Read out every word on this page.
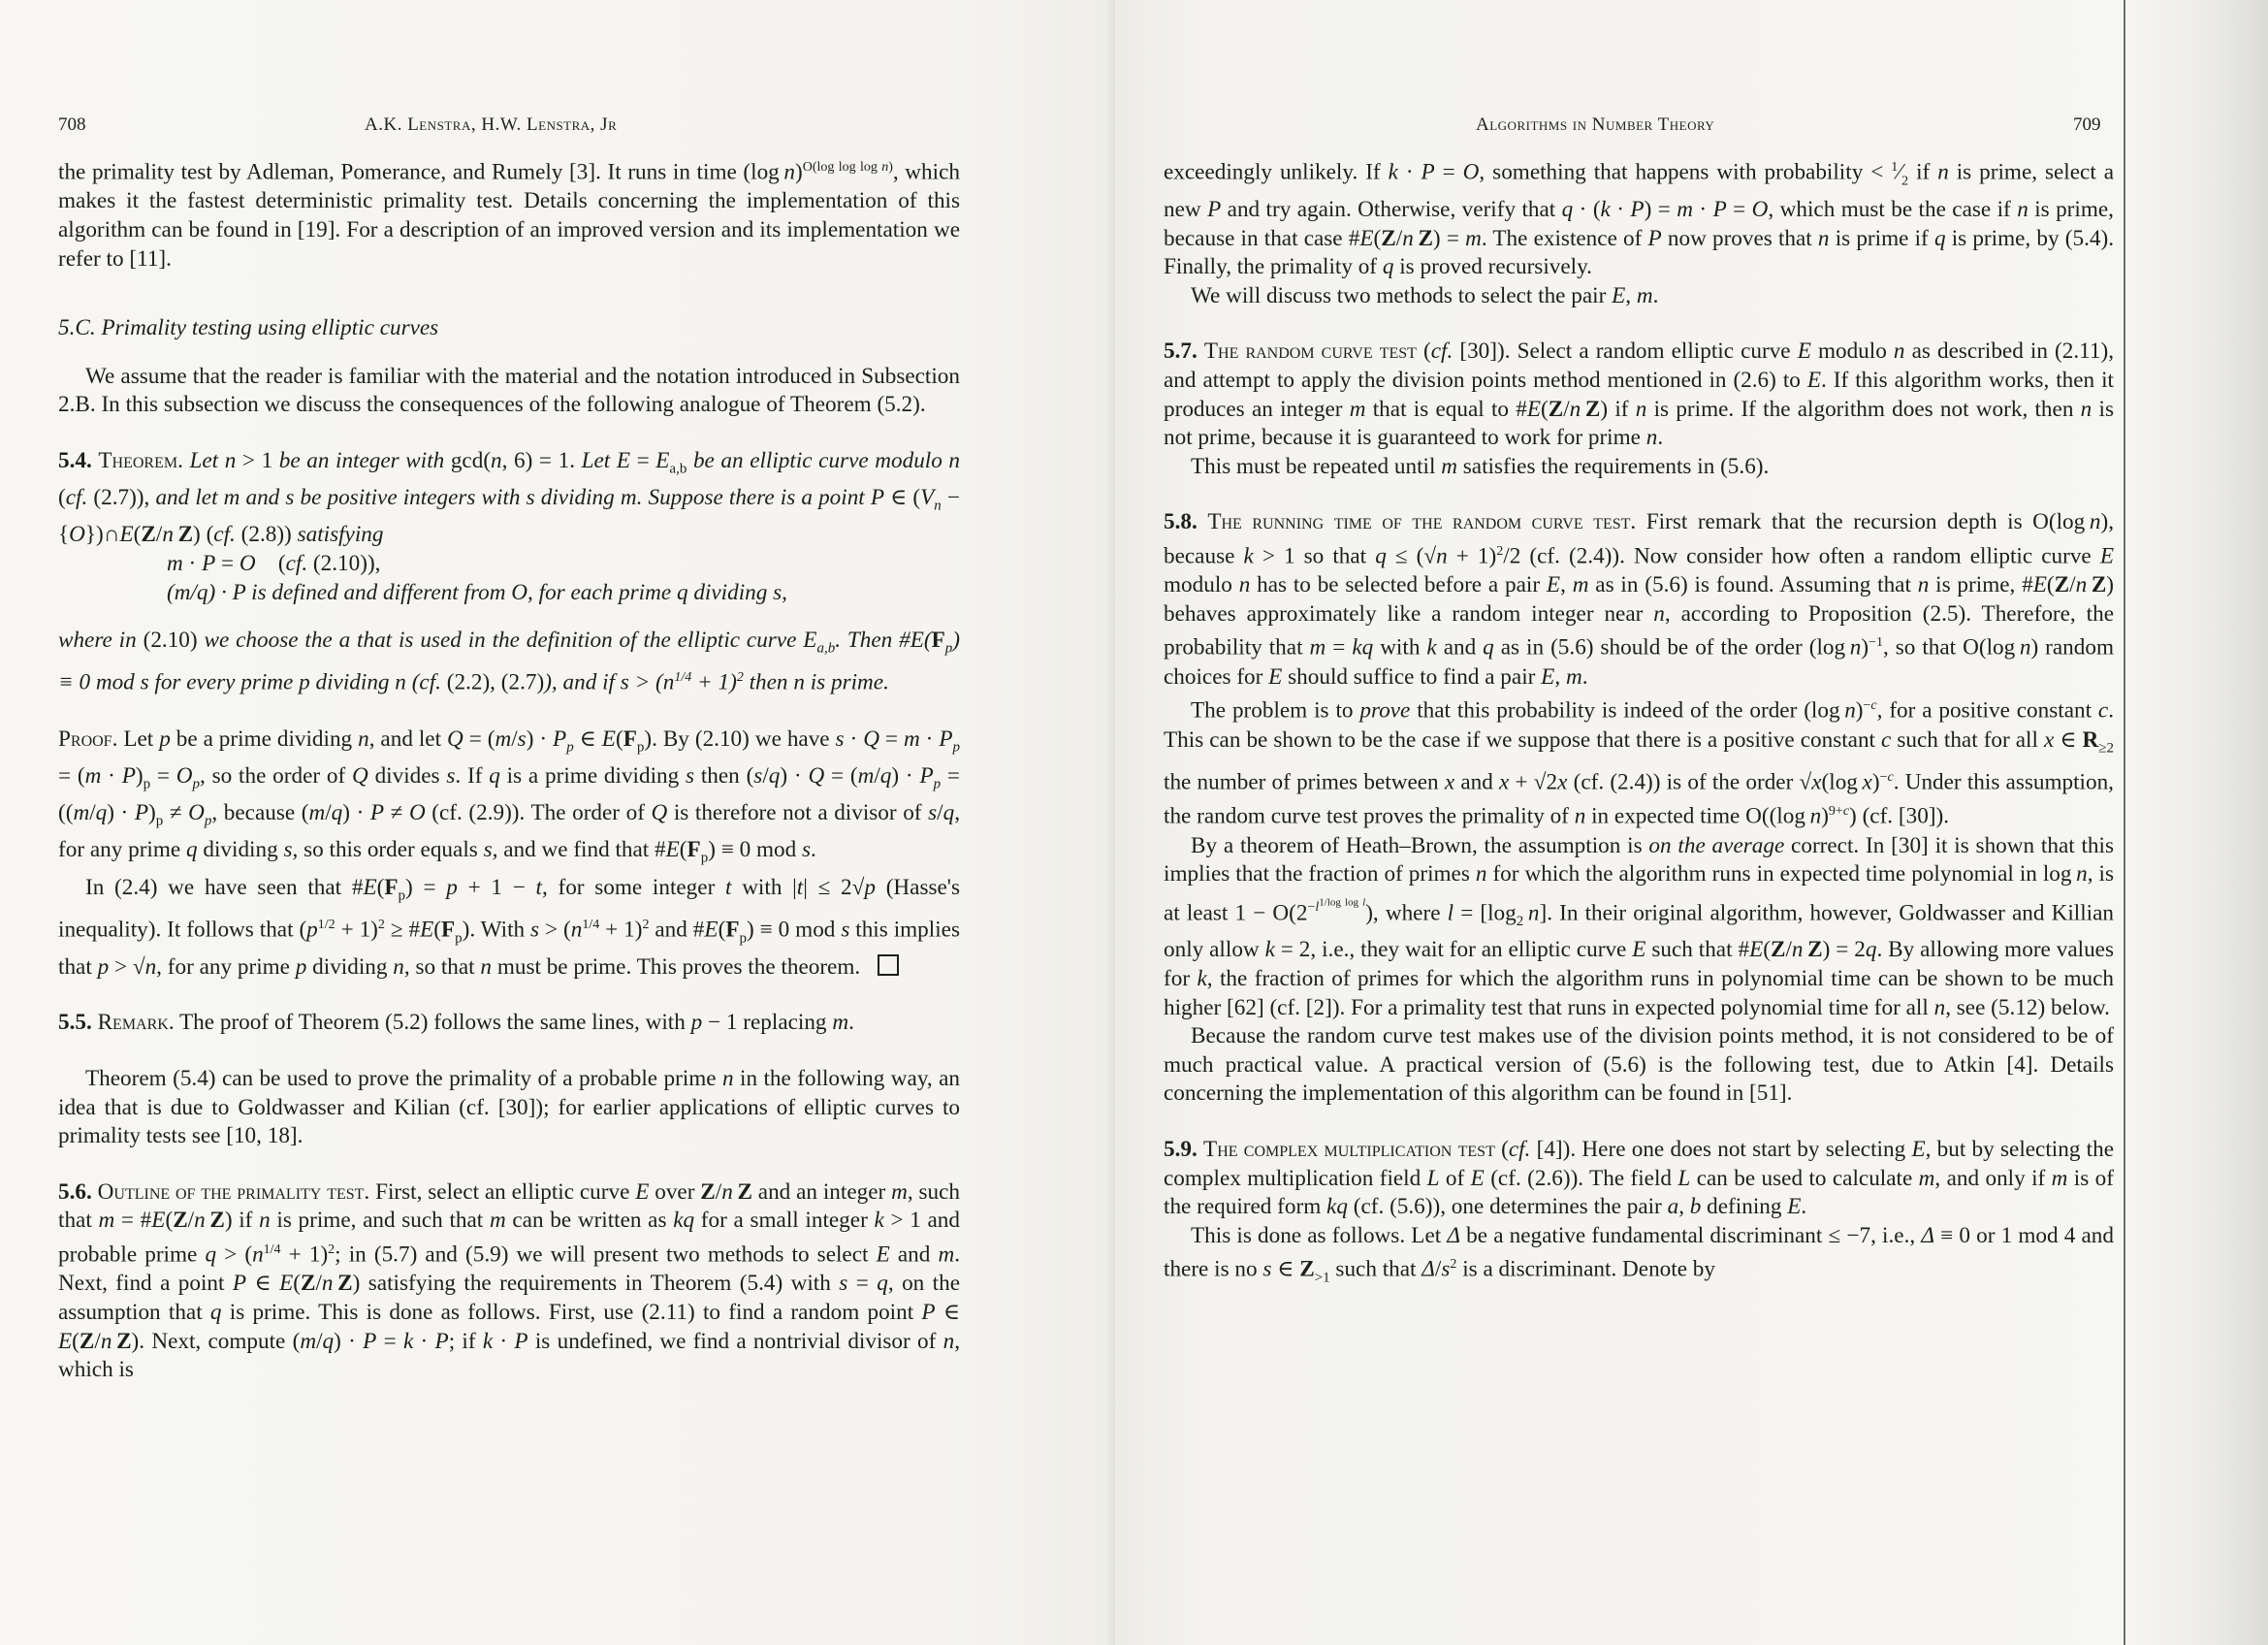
708	A.K. Lenstra, H.W. Lenstra, Jr

the primality test by Adleman, Pomerance, and Rumely [3]. It runs in time (log n)$^{O(log log log n)}$, which makes it the fastest deterministic primality test. Details concerning the implementation of this algorithm can be found in [19]. For a description of an improved version and its implementation we refer to [11].

5.C. Primality testing using elliptic curves

We assume that the reader is familiar with the material and the notation introduced in Subsection 2.B. In this subsection we discuss the consequences of the following analogue of Theorem (5.2).

5.4. Theorem. Let n > 1 be an integer with gcd(n, 6) = 1. Let $E = E_{a,b}$ be an elliptic curve modulo n (cf. (2.7)), and let m and s be positive integers with s dividing m. Suppose there is a point P ∈ ($V_n$ − {O})∩E(Z/n  Z) (cf. (2.8)) satisfying

m · P = O    (cf. (2.10)),

(m/q) · P is defined and different from O, for each prime q dividing s,

where in (2.10) we choose the a that is used in the definition of the elliptic curve $E_{a,b}$. Then $\#E(F_p) \equiv 0$ mod s for every prime p dividing n (cf. (2.2), (2.7)), and if $s > (n^{1/4} + 1)^2$ then n is prime.

Proof. Let p be a prime dividing n, and let $Q = (m/s) \cdot P_p$ ∈ $E(F_p)$. By (2.10) we have $s \cdot Q = m \cdot P_p = (m \cdot P)_p = O_p$, so the order of Q divides s. If q is a prime dividing s then $(s/q) \cdot Q = (m/q) \cdot P_p = ((m/q) \cdot P)_p \ne O_p$, because (m/q) · P ≠ O (cf. (2.9)). The order of Q is therefore not a divisor of s/q, for any prime q dividing s, so this order equals s, and we find that $\#E(F_p) \equiv 0$ mod s.

In (2.4) we have seen that $\#E(F_p) = p + 1 - t$, for some integer t with |t| ≤ 2√p (Hasse's inequality). It follows that $(p^{1/2} + 1)^2$ ≥ $\#E(F_p)$. With $s > (n^{1/4} + 1)^2$ and $\#E(F_p) \equiv 0$ mod s this implies that p > √n, for any prime p dividing n, so that n must be prime. This proves the theorem.

5.5. Remark. The proof of Theorem (5.2) follows the same lines, with p − 1 replacing m.

Theorem (5.4) can be used to prove the primality of a probable prime n in the following way, an idea that is due to Goldwasser and Kilian (cf. [30]); for earlier applications of elliptic curves to primality tests see [10, 18].

5.6. Outline of the primality test. First, select an elliptic curve E over Z/n  Z and an integer m, such that m = #E(Z/n  Z) if n is prime, and such that m can be written as kq for a small integer k > 1 and probable prime $q > (n^{1/4} + 1)^2$; in (5.7) and (5.9) we will present two methods to select E and m. Next, find a point P ∈ E(Z/n  Z) satisfying the requirements in Theorem (5.4) with s = q, on the assumption that q is prime. This is done as follows. First, use (2.11) to find a random point P ∈ E(Z/n  Z). Next, compute (m/q) · P = k · P; if k · P is undefined, we find a nontrivial divisor of n, which is

Algorithms in Number Theory	709

exceedingly unlikely. If k · P = O, something that happens with probability < $^1⁄_2$ if n is prime, select a new P and try again. Otherwise, verify that q · (k · P) = m · P = O, which must be the case if n is prime, because in that case #E(Z/n  Z) = m. The existence of P now proves that n is prime if q is prime, by (5.4). Finally, the primality of q is proved recursively.

We will discuss two methods to select the pair E, m.

5.7. The random curve test (cf. [30]). Select a random elliptic curve E modulo n as described in (2.11), and attempt to apply the division points method mentioned in (2.6) to E. If this algorithm works, then it produces an integer m that is equal to #E(Z/n  Z) if n is prime. If the algorithm does not work, then n is not prime, because it is guaranteed to work for prime n.

This must be repeated until m satisfies the requirements in (5.6).

5.8. The running time of the random curve test. First remark that the recursion depth is O(log n), because k > 1 so that $q \le (√n + 1)^2/2$ (cf. (2.4)). Now consider how often a random elliptic curve E modulo n has to be selected before a pair E, m as in (5.6) is found. Assuming that n is prime, #E(Z/n  Z) behaves approximately like a random integer near n, according to Proposition (2.5). Therefore, the probability that m = kq with k and q as in (5.6) should be of the order (log n)$^{-1}$, so that O(log n) random choices for E should suffice to find a pair E, m.

The problem is to prove that this probability is indeed of the order (log n)$^{-c}$, for a positive constant c. This can be shown to be the case if we suppose that there is a positive constant c such that for all x ∈ $R_{\ge 2}$ the number of primes between x and x + √2x (cf. (2.4)) is of the order √x(log x)$^{-c}$. Under this assumption, the random curve test proves the primality of n in expected time O((log n)$^{9+c}$) (cf. [30]).

By a theorem of Heath–Brown, the assumption is on the average correct. In [30] it is shown that this implies that the fraction of primes n for which the algorithm runs in expected time polynomial in log n, is at least $1 - O(2^{-l^{1/log log l}})$, where $l = [\log_2$  n]. In their original algorithm, however, Goldwasser and Killian only allow k = 2, i.e., they wait for an elliptic curve E such that #E(Z/n  Z) = 2q. By allowing more values for k, the fraction of primes for which the algorithm runs in polynomial time can be shown to be much higher [62] (cf. [2]). For a primality test that runs in expected polynomial time for all n, see (5.12) below.

Because the random curve test makes use of the division points method, it is not considered to be of much practical value. A practical version of (5.6) is the following test, due to Atkin [4]. Details concerning the implementation of this algorithm can be found in [51].

5.9. The complex multiplication test (cf. [4]). Here one does not start by selecting E, but by selecting the complex multiplication field L of E (cf. (2.6)). The field L can be used to calculate m, and only if m is of the required form kq (cf. (5.6)), one determines the pair a, b defining E.

This is done as follows. Let Δ be a negative fundamental discriminant ≤ −7, i.e., Δ ≡ 0 or 1 mod 4 and there is no s ∈ $Z_{>1}$ such that $\Delta/s^2$ is a discriminant. Denote by
